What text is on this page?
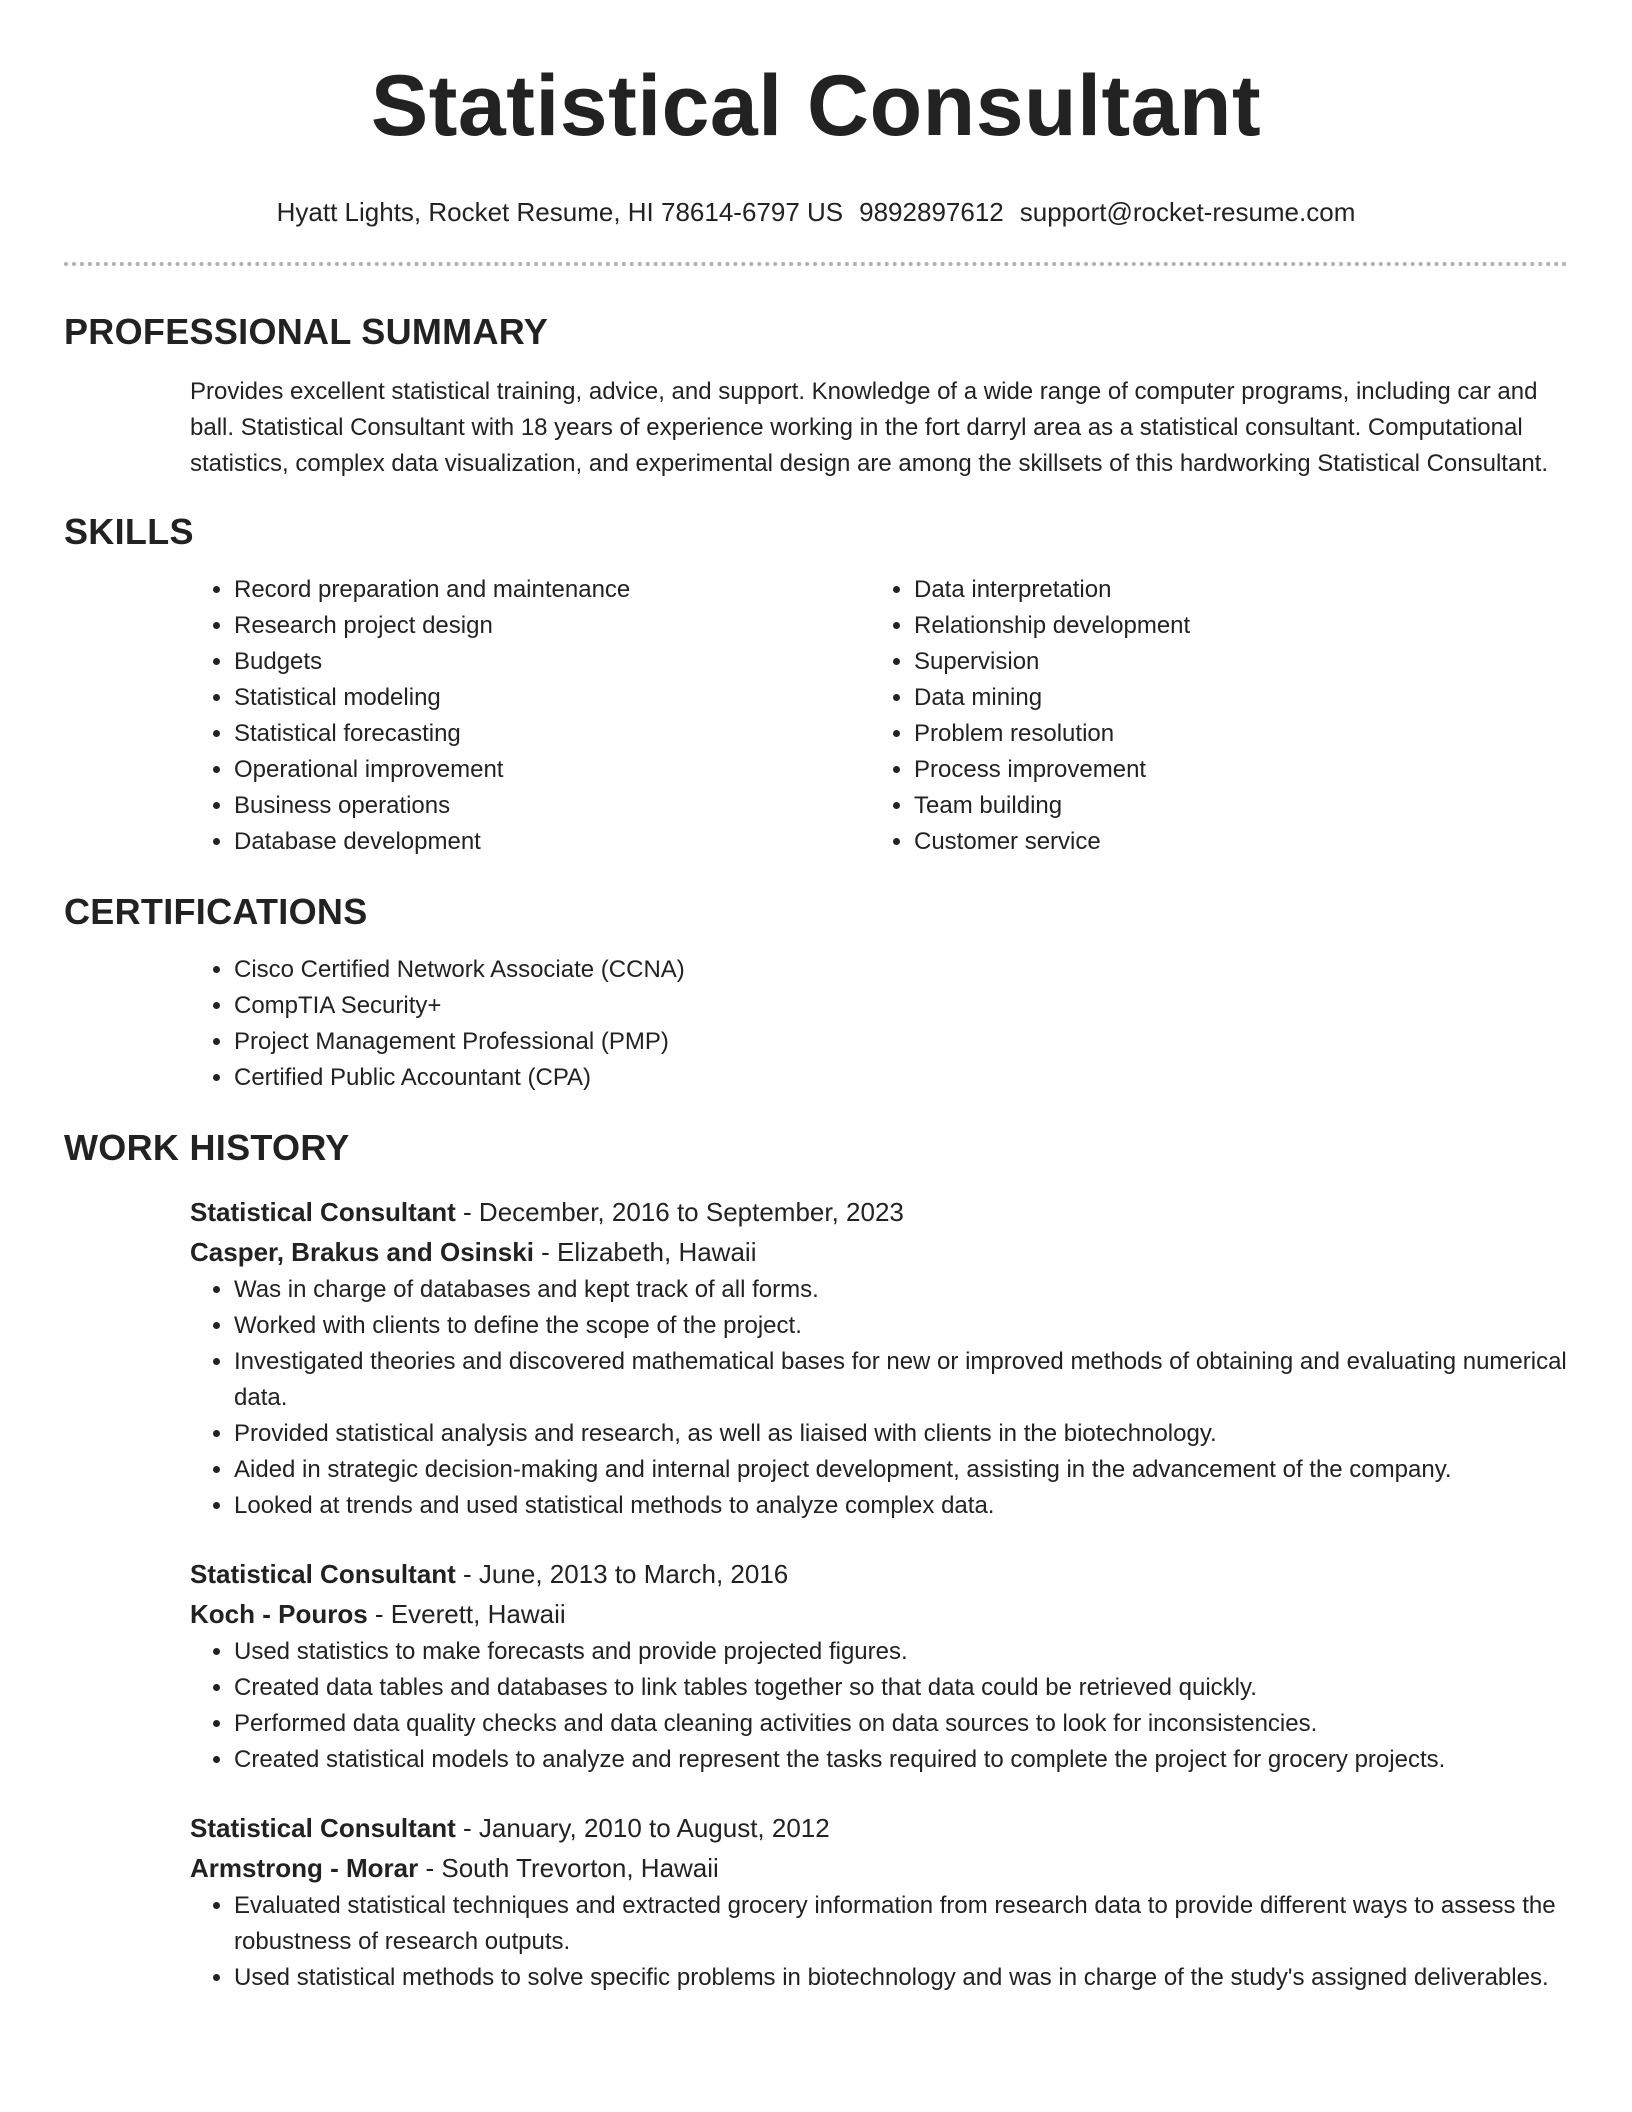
Statistical Consultant
Hyatt Lights, Rocket Resume, HI 78614-6797 US 9892897612 support@rocket-resume.com
PROFESSIONAL SUMMARY
Provides excellent statistical training, advice, and support. Knowledge of a wide range of computer programs, including car and ball. Statistical Consultant with 18 years of experience working in the fort darryl area as a statistical consultant. Computational statistics, complex data visualization, and experimental design are among the skillsets of this hardworking Statistical Consultant.
SKILLS
• Record preparation and maintenance
• Research project design
• Budgets
• Statistical modeling
• Statistical forecasting
• Operational improvement
• Business operations
• Database development
• Data interpretation
• Relationship development
• Supervision
• Data mining
• Problem resolution
• Process improvement
• Team building
• Customer service
CERTIFICATIONS
• Cisco Certified Network Associate (CCNA)
• CompTIA Security+
• Project Management Professional (PMP)
• Certified Public Accountant (CPA)
WORK HISTORY
Statistical Consultant - December, 2016 to September, 2023
Casper, Brakus and Osinski - Elizabeth, Hawaii
• Was in charge of databases and kept track of all forms.
• Worked with clients to define the scope of the project.
• Investigated theories and discovered mathematical bases for new or improved methods of obtaining and evaluating numerical data.
• Provided statistical analysis and research, as well as liaised with clients in the biotechnology.
• Aided in strategic decision-making and internal project development, assisting in the advancement of the company.
• Looked at trends and used statistical methods to analyze complex data.
Statistical Consultant - June, 2013 to March, 2016
Koch - Pouros - Everett, Hawaii
• Used statistics to make forecasts and provide projected figures.
• Created data tables and databases to link tables together so that data could be retrieved quickly.
• Performed data quality checks and data cleaning activities on data sources to look for inconsistencies.
• Created statistical models to analyze and represent the tasks required to complete the project for grocery projects.
Statistical Consultant - January, 2010 to August, 2012
Armstrong - Morar - South Trevorton, Hawaii
• Evaluated statistical techniques and extracted grocery information from research data to provide different ways to assess the robustness of research outputs.
• Used statistical methods to solve specific problems in biotechnology and was in charge of the study's assigned deliverables.
